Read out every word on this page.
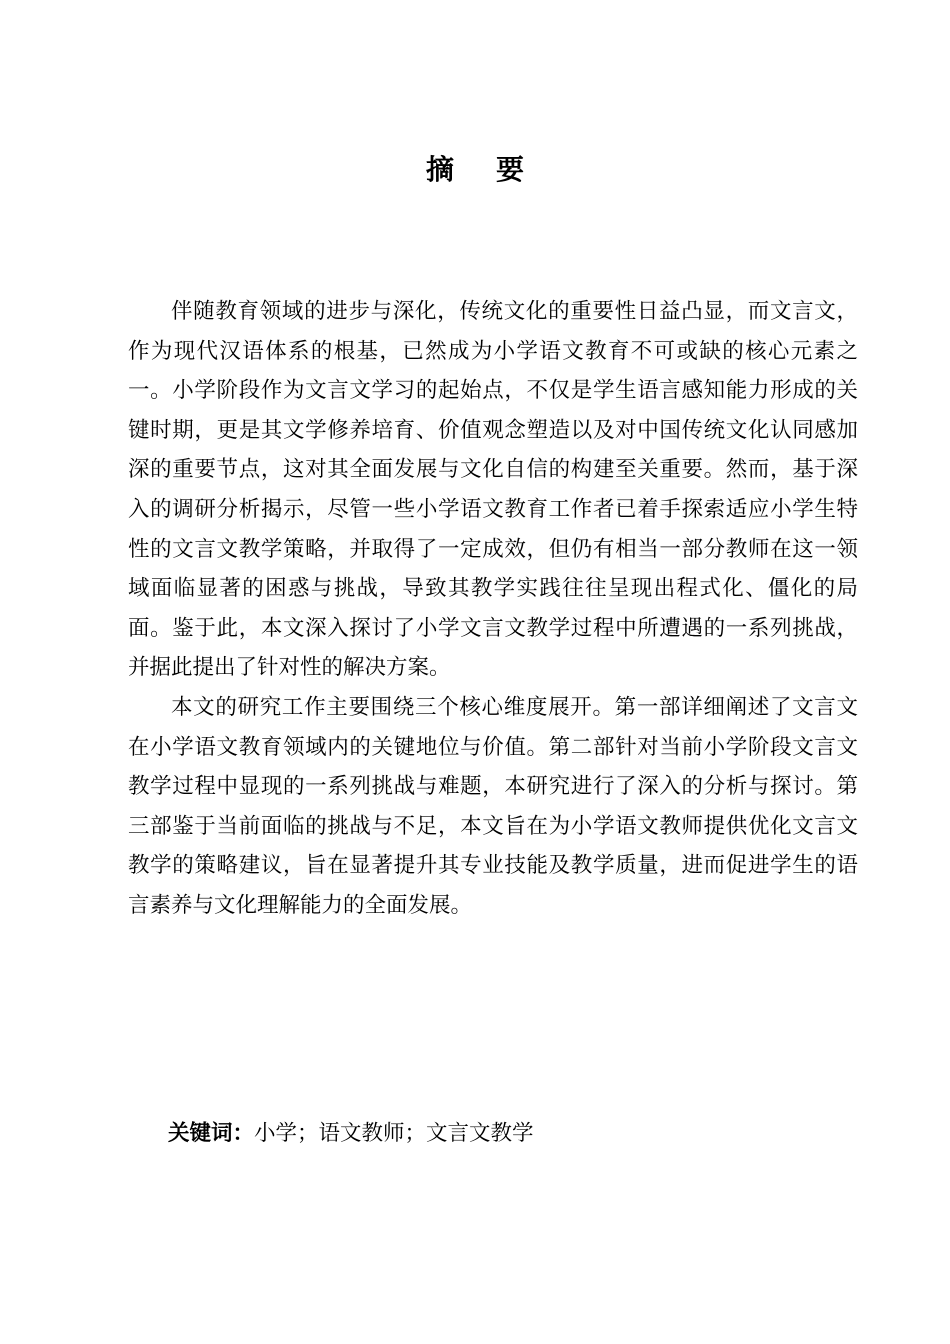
摘 要

伴随教育领域的进步与深化，传统文化的重要性日益凸显，而文言文，作为现代汉语体系的根基，已然成为小学语文教育不可或缺的核心元素之一。小学阶段作为文言文学习的起始点，不仅是学生语言感知能力形成的关键时期，更是其文学修养培育、价值观念塑造以及对中国传统文化认同感加深的重要节点，这对其全面发展与文化自信的构建至关重要。然而，基于深入的调研分析揭示，尽管一些小学语文教育工作者已着手探索适应小学生特性的文言文教学策略，并取得了一定成效，但仍有相当一部分教师在这一领域面临显著的困惑与挑战，导致其教学实践往往呈现出程式化、僵化的局面。鉴于此，本文深入探讨了小学文言文教学过程中所遭遇的一系列挑战，并据此提出了针对性的解决方案。

本文的研究工作主要围绕三个核心维度展开。第一部详细阐述了文言文在小学语文教育领域内的关键地位与价值。第二部针对当前小学阶段文言文教学过程中显现的一系列挑战与难题，本研究进行了深入的分析与探讨。第三部鉴于当前面临的挑战与不足，本文旨在为小学语文教师提供优化文言文教学的策略建议，旨在显著提升其专业技能及教学质量，进而促进学生的语言素养与文化理解能力的全面发展。

关键词：小学；语文教师；文言文教学
